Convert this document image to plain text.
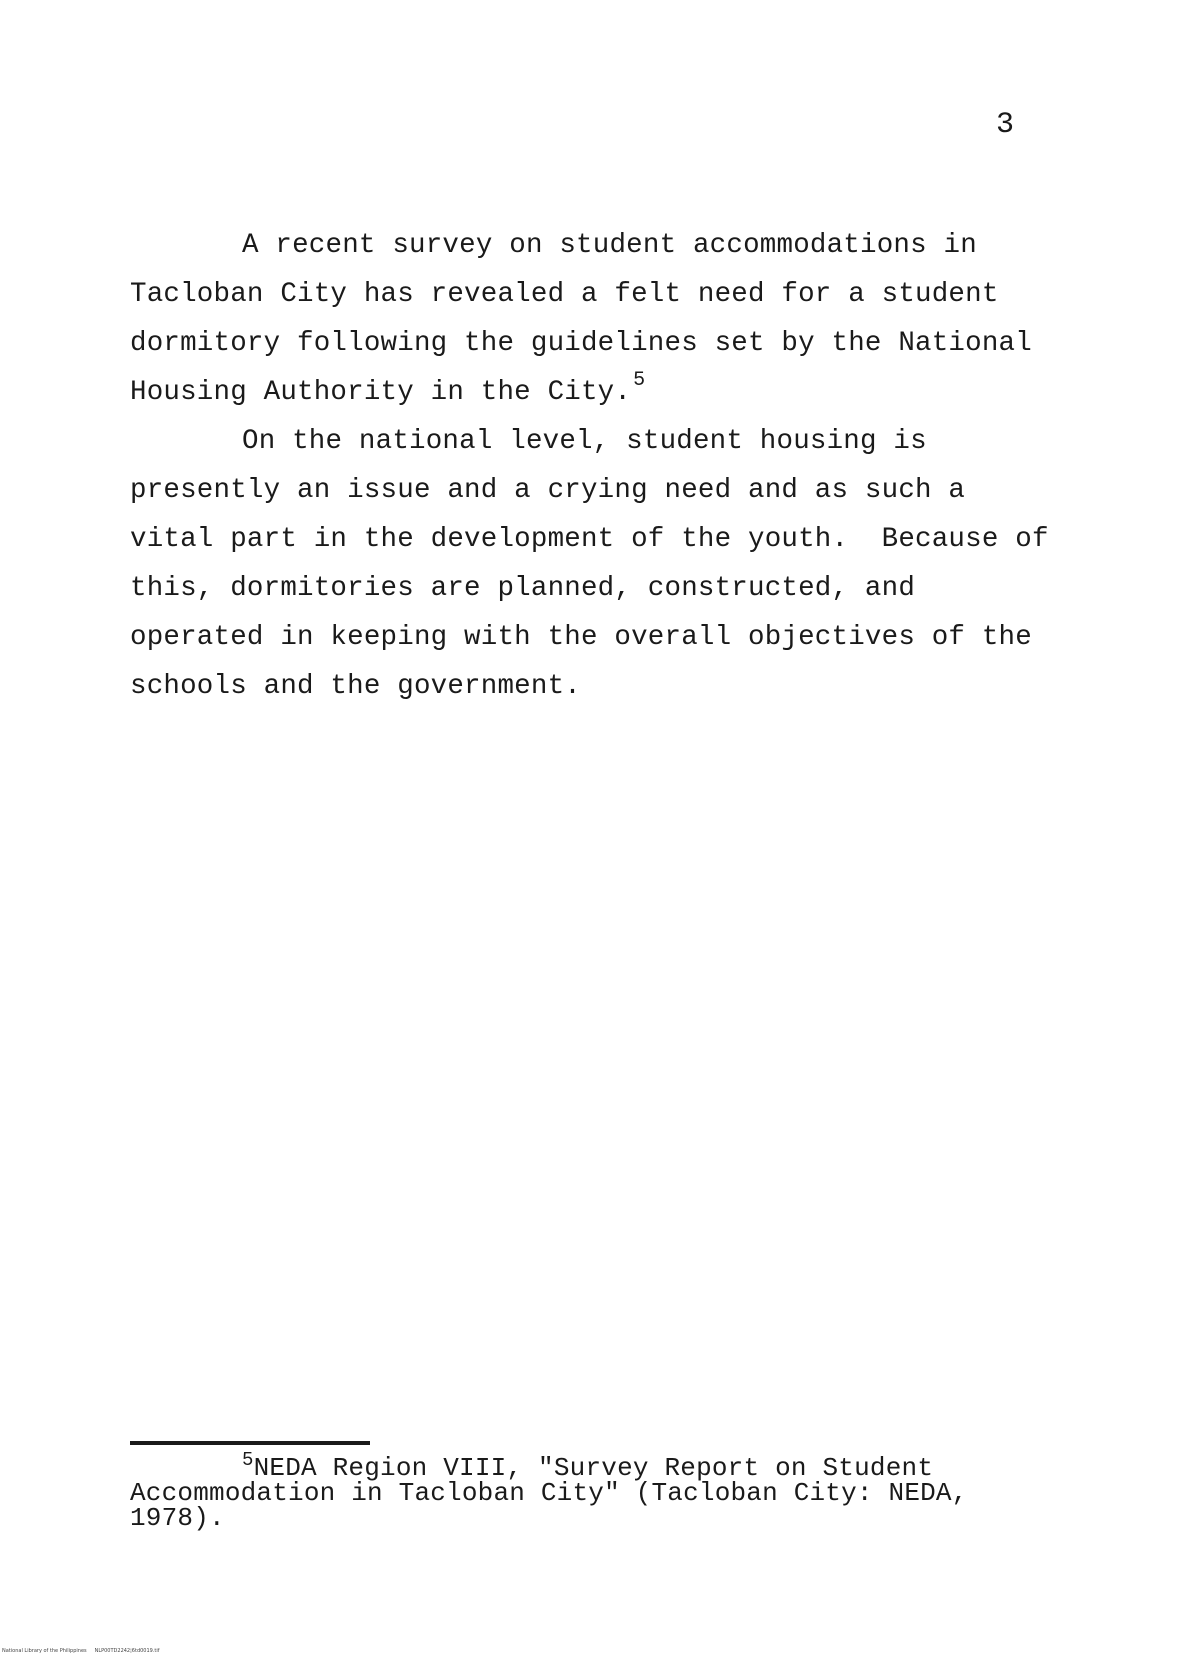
3
A recent survey on student accommodations in
Tacloban City has revealed a felt need for a student
dormitory following the guidelines set by the National
Housing Authority in the City. $^5$
On the national level, student housing is
presently an issue and a crying need and as such a
vital part in the development of the youth.  Because of
this, dormitories are planned, constructed, and
operated in keeping with the overall objectives of the
schools and the government.
$^5$NEDA Region VIII, "Survey Report on Student
Accommodation in Tacloban City" (Tacloban City: NEDA,
1978).
National Library of the Philippines     NLP00TD2242¦6td0019.tif
